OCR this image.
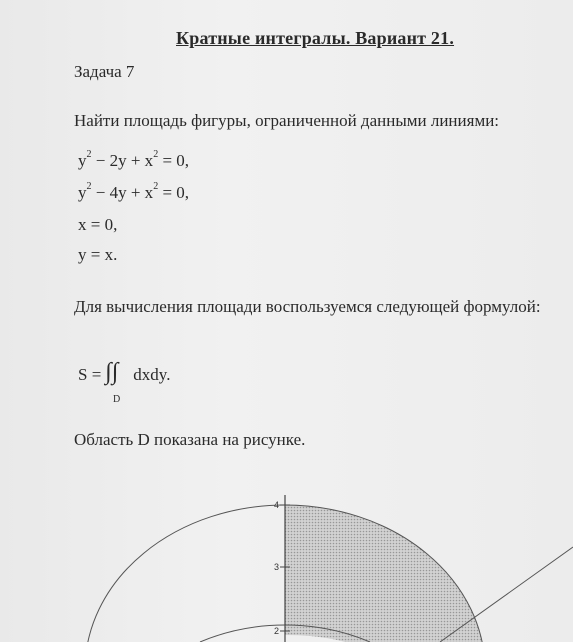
Кратные интегралы. Вариант 21.
Задача 7
Найти площадь фигуры, ограниченной данными линиями:
$y^2 - 2y + x^2 = 0$,
$y^2 - 4y + x^2 = 0$,
x = 0,
y = x.
Для вычисления площади воспользуемся следующей формулой:
S = ∫∫ dxdy.
D
Область D показана на рисунке.
4
3
2
